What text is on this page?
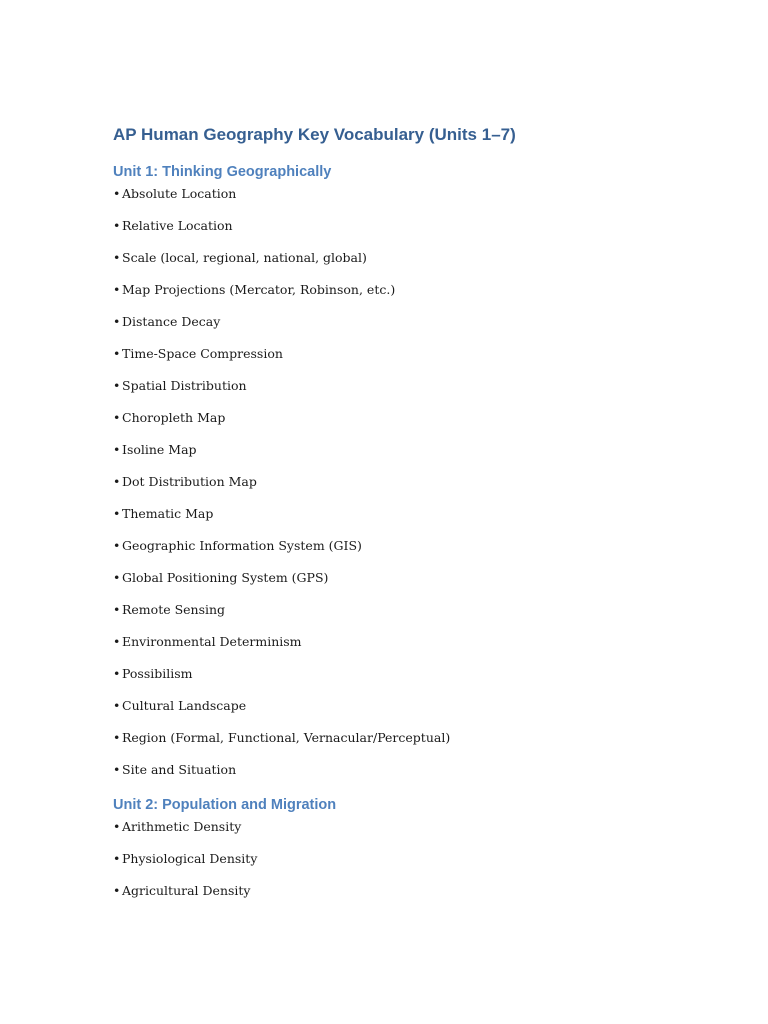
AP Human Geography Key Vocabulary (Units 1–7)
Unit 1: Thinking Geographically
• Absolute Location
• Relative Location
• Scale (local, regional, national, global)
• Map Projections (Mercator, Robinson, etc.)
• Distance Decay
• Time-Space Compression
• Spatial Distribution
• Choropleth Map
• Isoline Map
• Dot Distribution Map
• Thematic Map
• Geographic Information System (GIS)
• Global Positioning System (GPS)
• Remote Sensing
• Environmental Determinism
• Possibilism
• Cultural Landscape
• Region (Formal, Functional, Vernacular/Perceptual)
• Site and Situation
Unit 2: Population and Migration
• Arithmetic Density
• Physiological Density
• Agricultural Density
